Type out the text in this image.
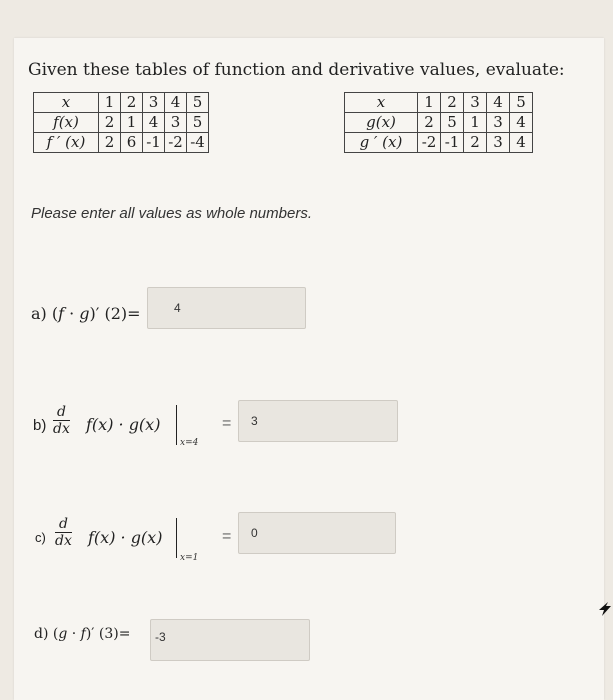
Given these tables of function and derivative values, evaluate:
𝑥	1	2	3	4	5
𝑓(𝑥)	2	1	4	3	5
𝑓 ′ (𝑥)	2	6	-1	-2	-4
𝑥	1	2	3	4	5
𝑔(𝑥)	2	5	1	3	4
𝑔 ′ (𝑥)	-2	-1	2	3	4
Please enter all values as whole numbers.
a) (𝑓 · 𝑔)′ (2)=	4
$b) \frac{d}{dx}$ 𝑓(𝑥) · 𝑔(𝑥)
x=4
= 3
$c) \frac{d}{dx}$ 𝑓(𝑥) · 𝑔(𝑥)
x=1
= 0
d) (𝑔 · 𝑓)′ (3)= -3
